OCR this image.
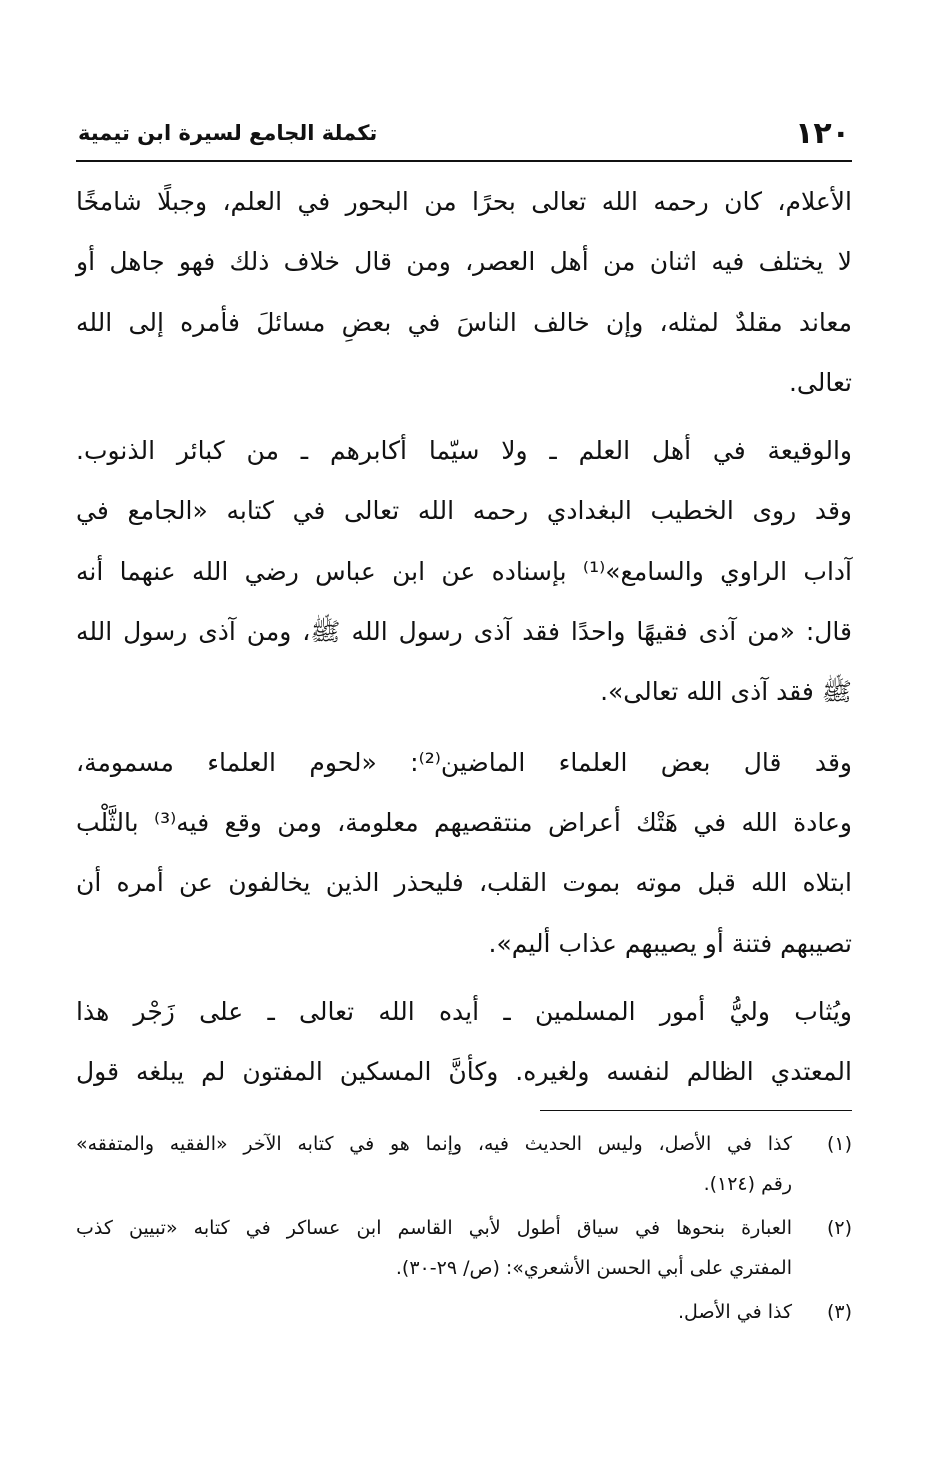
١٢٠
تكملة الجامع لسيرة ابن تيمية

الأعلام، كان رحمه الله تعالى بحرًا من البحور في العلم، وجبلًا شامخًا
لا يختلف فيه اثنان من أهل العصر، ومن قال خلاف ذلك فهو جاهل أو
معاند مقلدٌ لمثله، وإن خالف الناسَ في بعضِ مسائلَ فأمره إلى الله
تعالى.

والوقيعة في أهل العلم ـ ولا سيّما أكابرهم ـ من كبائر الذنوب.
وقد روى الخطيب البغدادي رحمه الله تعالى في كتابه «الجامع في
آداب الراوي والسامع»⁽¹⁾ بإسناده عن ابن عباس رضي الله عنهما أنه
قال: «من آذى فقيهًا واحدًا فقد آذى رسول الله ﷺ، ومن آذى رسول الله
ﷺ فقد آذى الله تعالى».

وقد قال بعض العلماء الماضين⁽²⁾: «لحوم العلماء مسمومة،
وعادة الله في هَتْك أعراض منتقصيهم معلومة، ومن وقع فيه⁽³⁾ بالثَّلْب
ابتلاه الله قبل موته بموت القلب، فليحذر الذين يخالفون عن أمره أن
تصيبهم فتنة أو يصيبهم عذاب أليم».

ويُثاب وليُّ أمور المسلمين ـ أيده الله تعالى ـ على زَجْر هذا
المعتدي الظالم لنفسه ولغيره. وكأنَّ المسكين المفتون لم يبلغه قول

(١)
كذا في الأصل، وليس الحديث فيه، وإنما هو في كتابه الآخر «الفقيه والمتفقه»
رقم (١٢٤).
(٢)
العبارة بنحوها في سياق أطول لأبي القاسم ابن عساكر في كتابه «تبيين كذب
المفتري على أبي الحسن الأشعري»: (ص/ ٢٩-٣٠).
(٣)
كذا في الأصل.
